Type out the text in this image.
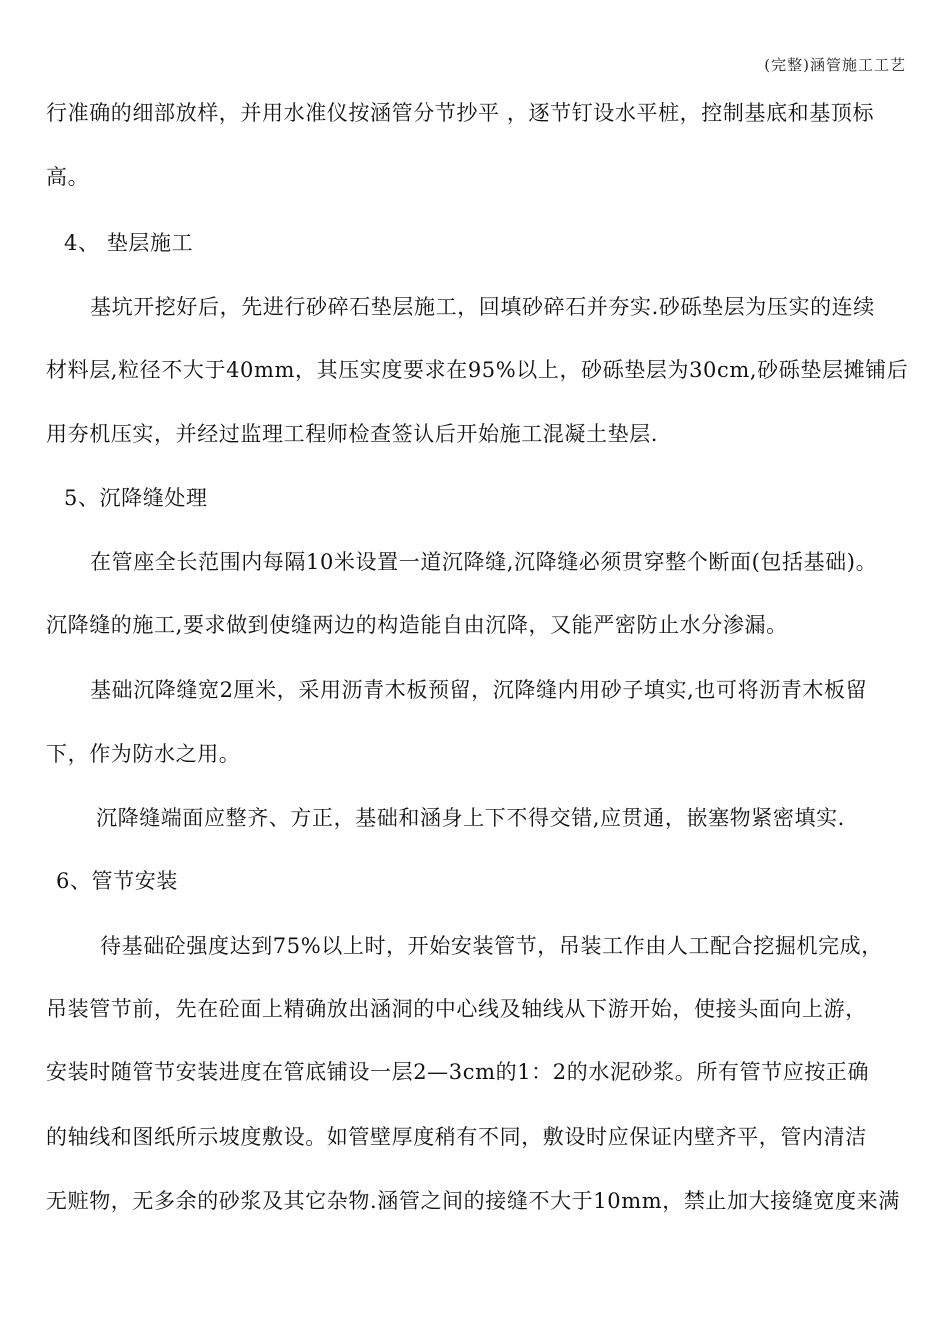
(完整)涵管施工工艺
行准确的细部放样，并用水准仪按涵管分节抄平 ，逐节钉设水平桩，控制基底和基顶标
高。
4、 垫层施工
基坑开挖好后，先进行砂碎石垫层施工，回填砂碎石并夯实.砂砾垫层为压实的连续
材料层,粒径不大于40mm，其压实度要求在95%以上，砂砾垫层为30cm,砂砾垫层摊铺后
用夯机压实，并经过监理工程师检查签认后开始施工混凝土垫层.
5、沉降缝处理
在管座全长范围内每隔10米设置一道沉降缝,沉降缝必须贯穿整个断面(包括基础)。
沉降缝的施工,要求做到使缝两边的构造能自由沉降，又能严密防止水分渗漏。
基础沉降缝宽2厘米，采用沥青木板预留，沉降缝内用砂子填实,也可将沥青木板留
下，作为防水之用。
沉降缝端面应整齐、方正，基础和涵身上下不得交错,应贯通，嵌塞物紧密填实.
6、管节安装
待基础砼强度达到75%以上时，开始安装管节，吊装工作由人工配合挖掘机完成，
吊装管节前，先在砼面上精确放出涵洞的中心线及轴线从下游开始，使接头面向上游，
安装时随管节安装进度在管底铺设一层2—3cm的1：2的水泥砂浆。所有管节应按正确
的轴线和图纸所示坡度敷设。如管壁厚度稍有不同，敷设时应保证内壁齐平，管内清洁
无赃物，无多余的砂浆及其它杂物.涵管之间的接缝不大于10mm，禁止加大接缝宽度来满
